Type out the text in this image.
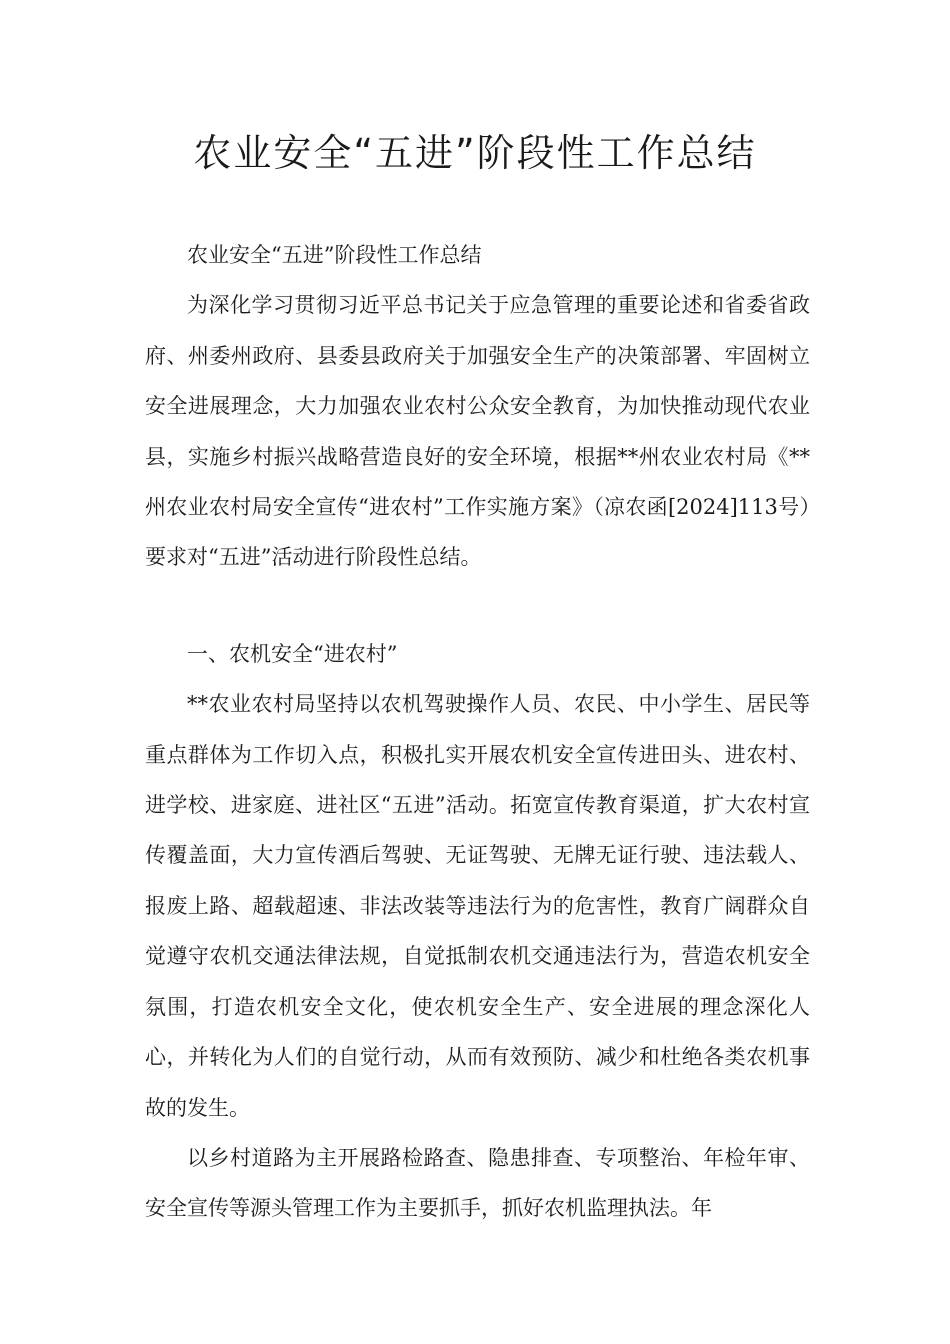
农业安全“五进”阶段性工作总结

农业安全“五进”阶段性工作总结

为深化学习贯彻习近平总书记关于应急管理的重要论述和省委省政府、州委州政府、县委县政府关于加强安全生产的决策部署、牢固树立安全进展理念，大力加强农业农村公众安全教育，为加快推动现代农业县，实施乡村振兴战略营造良好的安全环境，根据**州农业农村局《**州农业农村局安全宣传“进农村”工作实施方案》（凉农函[2024]113号）要求对“五进”活动进行阶段性总结。

一、农机安全“进农村”

**农业农村局坚持以农机驾驶操作人员、农民、中小学生、居民等重点群体为工作切入点，积极扎实开展农机安全宣传进田头、进农村、进学校、进家庭、进社区“五进”活动。拓宽宣传教育渠道，扩大农村宣传覆盖面，大力宣传酒后驾驶、无证驾驶、无牌无证行驶、违法载人、报废上路、超载超速、非法改装等违法行为的危害性，教育广阔群众自觉遵守农机交通法律法规，自觉抵制农机交通违法行为，营造农机安全氛围，打造农机安全文化，使农机安全生产、安全进展的理念深化人心，并转化为人们的自觉行动，从而有效预防、减少和杜绝各类农机事故的发生。

以乡村道路为主开展路检路查、隐患排查、专项整治、年检年审、安全宣传等源头管理工作为主要抓手，抓好农机监理执法。年
